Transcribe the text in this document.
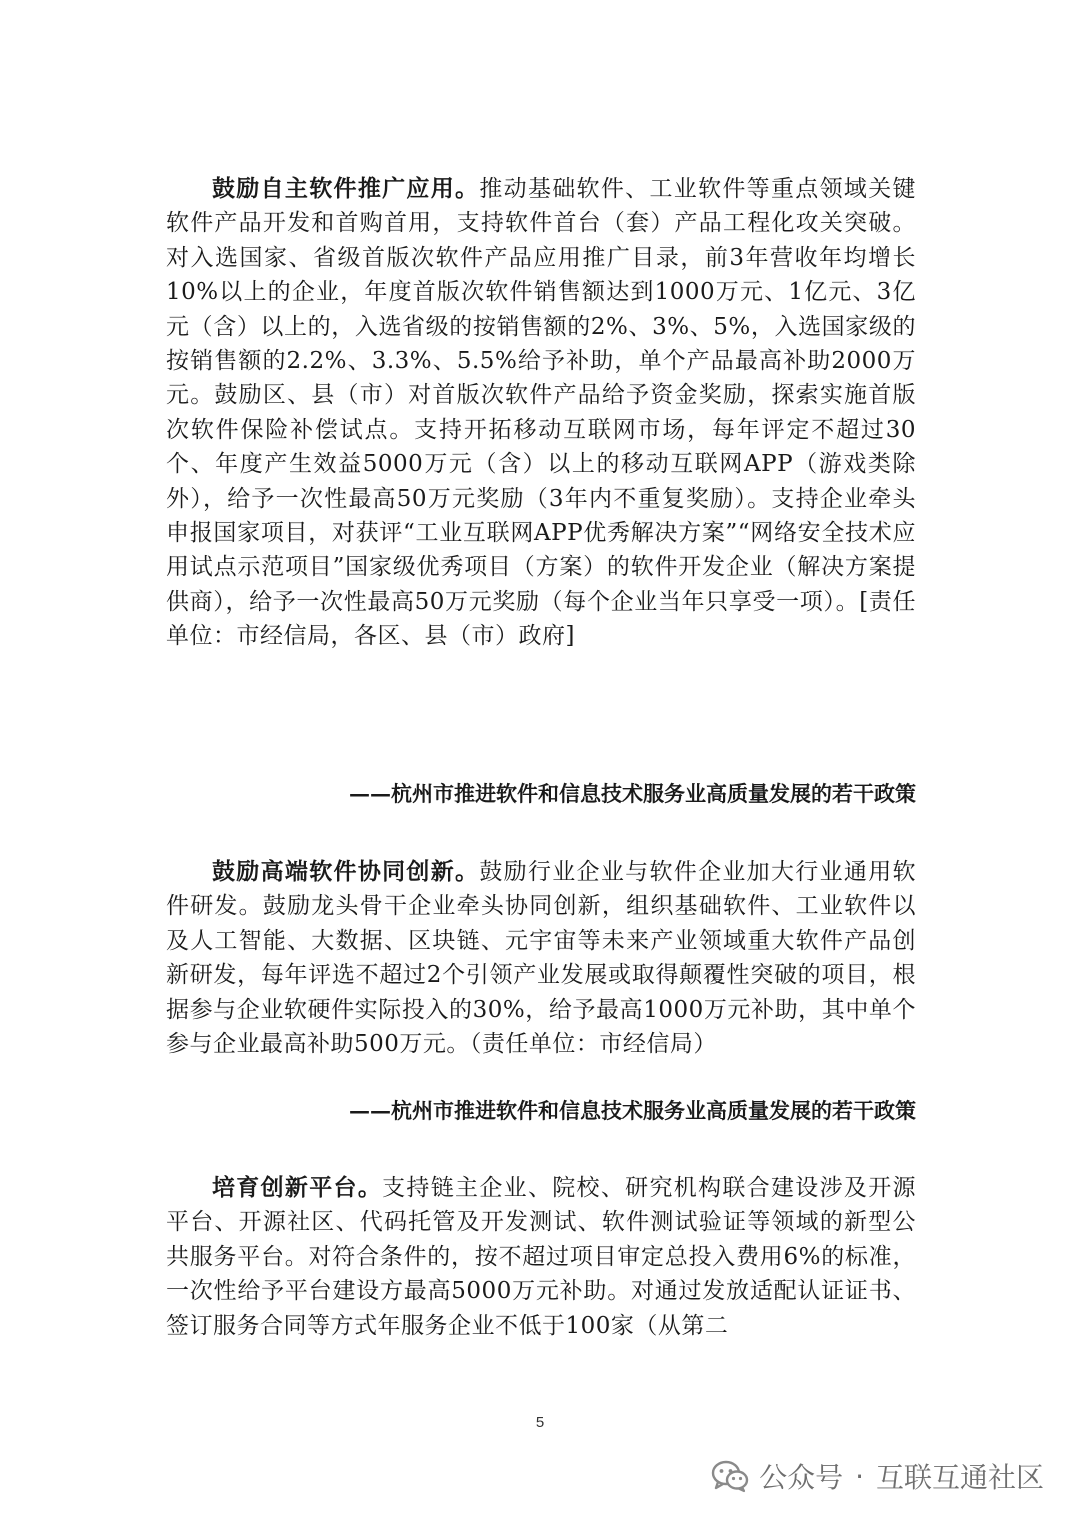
鼓励自主软件推广应用。推动基础软件、工业软件等重点领域关键软件产品开发和首购首用，支持软件首台（套）产品工程化攻关突破。对入选国家、省级首版次软件产品应用推广目录，前3年营收年均增长10%以上的企业，年度首版次软件销售额达到1000万元、1亿元、3亿元（含）以上的，入选省级的按销售额的2%、3%、5%，入选国家级的按销售额的2.2%、3.3%、5.5%给予补助，单个产品最高补助2000万元。鼓励区、县（市）对首版次软件产品给予资金奖励，探索实施首版次软件保险补偿试点。支持开拓移动互联网市场，每年评定不超过30个、年度产生效益5000万元（含）以上的移动互联网APP（游戏类除外），给予一次性最高50万元奖励（3年内不重复奖励）。支持企业牵头申报国家项目，对获评“工业互联网APP优秀解决方案”“网络安全技术应用试点示范项目”国家级优秀项目（方案）的软件开发企业（解决方案提供商），给予一次性最高50万元奖励（每个企业当年只享受一项）。[责任单位：市经信局，各区、县（市）政府]

——杭州市推进软件和信息技术服务业高质量发展的若干政策

鼓励高端软件协同创新。鼓励行业企业与软件企业加大行业通用软件研发。鼓励龙头骨干企业牵头协同创新，组织基础软件、工业软件以及人工智能、大数据、区块链、元宇宙等未来产业领域重大软件产品创新研发，每年评选不超过2个引领产业发展或取得颠覆性突破的项目，根据参与企业软硬件实际投入的30%，给予最高1000万元补助，其中单个参与企业最高补助500万元。（责任单位：市经信局）

——杭州市推进软件和信息技术服务业高质量发展的若干政策

培育创新平台。支持链主企业、院校、研究机构联合建设涉及开源平台、开源社区、代码托管及开发测试、软件测试验证等领域的新型公共服务平台。对符合条件的，按不超过项目审定总投入费用6%的标准，一次性给予平台建设方最高5000万元补助。对通过发放适配认证证书、签订服务合同等方式年服务企业不低于100家（从第二

5
公众号 · 互联互通社区
